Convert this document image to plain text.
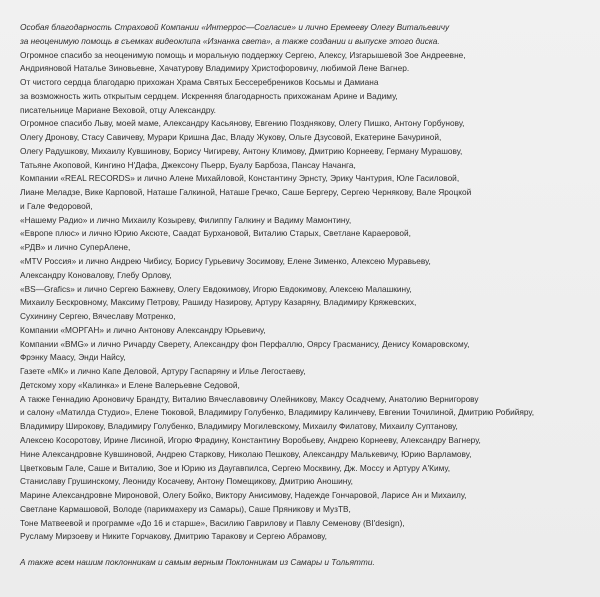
Особая благодарность Страховой Компании «Интеррос—Согласие» и лично Еремееву Олегу Витальевичу
за неоценимую помощь в съемках видеоклипа «Изнанка света», а также создании и выпуске этого диска.
Огромное спасибо за неоценимую помощь и моральную поддержку Сергею, Алексу, Изгарышевой Зое Андреевне,
Андрияновой Наталье Зиновьевне, Хачатурову Владимиру Христофоровичу, любимой Лене Вагнер.
От чистого сердца благодарю прихожан Храма Святых Бессеребреников Косьмы и Дамиана
за возможность жить открытым сердцем. Искренняя благодарность прихожанам Арине и Вадиму,
писательнице Мариане Веховой, отцу Александру.
Огромное спасибо Льву, моей маме, Александру Касьянову, Евгению Позднякову, Олегу Пишко, Антону Горбунову,
Олегу Дронову, Стасу Савичеву, Мурари Кришна Дас, Владу Жукову, Ольге Дзусовой, Екатерине Бачуриной,
Олегу Радушкову, Михаилу Кувшинову, Борису Чигиреву, Антону Климову, Дмитрию Корнееву, Герману Мурашову,
Татьяне Акоповой, Кингино Н'Дафа, Джексону Пьерр, Буалу Барбоза, Пансау Начанга,
Компании «REAL RECORDS» и лично Алене Михайловой, Константину Эрнсту, Эрику Чантурия, Юле Гасиловой,
Лиане Меладзе, Вике Карповой, Наташе Галкиной, Наташе Гречко, Саше Бергеру, Сергею Чернякову, Вале Яроцкой
и Гале Федоровой,
«Нашему Радио» и лично Михаилу Козыреву, Филиппу Галкину и Вадиму Мамонтину,
«Европе плюс» и лично Юрию Аксюте, Саадат Бурхановой, Виталию Старых, Светлане Караеровой,
«РДВ» и лично СуперАлене,
«MTV Россия» и лично Андрею Чибису, Борису Гурьевичу Зосимову, Елене Зименко, Алексею Муравьеву,
Александру Коновалову, Глебу Орлову,
«BS—Grafics» и лично Сергею Бажневу, Олегу Евдокимову, Игорю Евдокимову, Алексею Малашкину,
Михаилу Бескровному, Максиму Петрову, Рашиду Назирову, Артуру Казаряну, Владимиру Кряжевских,
Сухинину Сергею, Вячеславу Мотренко,
Компании «МОРГАН» и лично Антонову Александру Юрьевичу,
Компании «BMG» и лично Ричарду Сверету, Александру фон Перфаллю, Оярсу Грасманису, Денису Комаровскому,
Фрэнку Маасу, Энди Найсу,
Газете «МК» и лично Капе Деловой, Артуру Гаспаряну и Илье Легостаеву,
Детскому хору «Калинка» и Елене Валерьевне Седовой,
А также Геннадию Ароновичу Брандту, Виталию Вячеславовичу Олейникову, Максу Осадчему, Анатолию Вернигорову
и салону «Матилда Студио», Елене Тюковой, Владимиру Голубенко, Владимиру Калинчеву, Евгении Точилиной, Дмитрию Робийяру,
Владимиру Широкову, Владимиру Голубенко, Владимиру Могилевскому, Михаилу Филатову, Михаилу Суптанову,
Алексею Косоротову, Ирине Лисиной, Игорю Фрадину, Константину Воробьеву, Андрею Корнееву, Александру Вагнеру,
Нине Александровне Кувшиновой, Андрею Старкову, Николаю Пешкову, Александру Малькевичу, Юрию Варламову,
Цветковым Гале, Саше и Виталию, Зое и Юрию из Даугавпилса, Сергею Москвину, Дж. Моссу и Артуру А'Киму,
Станиславу Грушинскому, Леониду Косачеву, Антону Помещикову, Дмитрию Аношину,
Марине Александровне Мироновой, Олегу Бойко, Виктору Анисимову, Надежде Гончаровой, Ларисе Ан и Михаилу,
Светлане Кармашовой, Володе (парикмахеру из Самары), Саше Пряникову и МузТВ,
Тоне Матвеевой и программе «До 16 и старше», Василию Гаврилову и Павлу Семенову (BI'design),
Русламу Мирзоеву и Никите Горчакову, Дмитрию Таракову и Сергею Абрамову,
А также всем нашим поклонникам и самым верным Поклонникам из Самары и Тольятти.
